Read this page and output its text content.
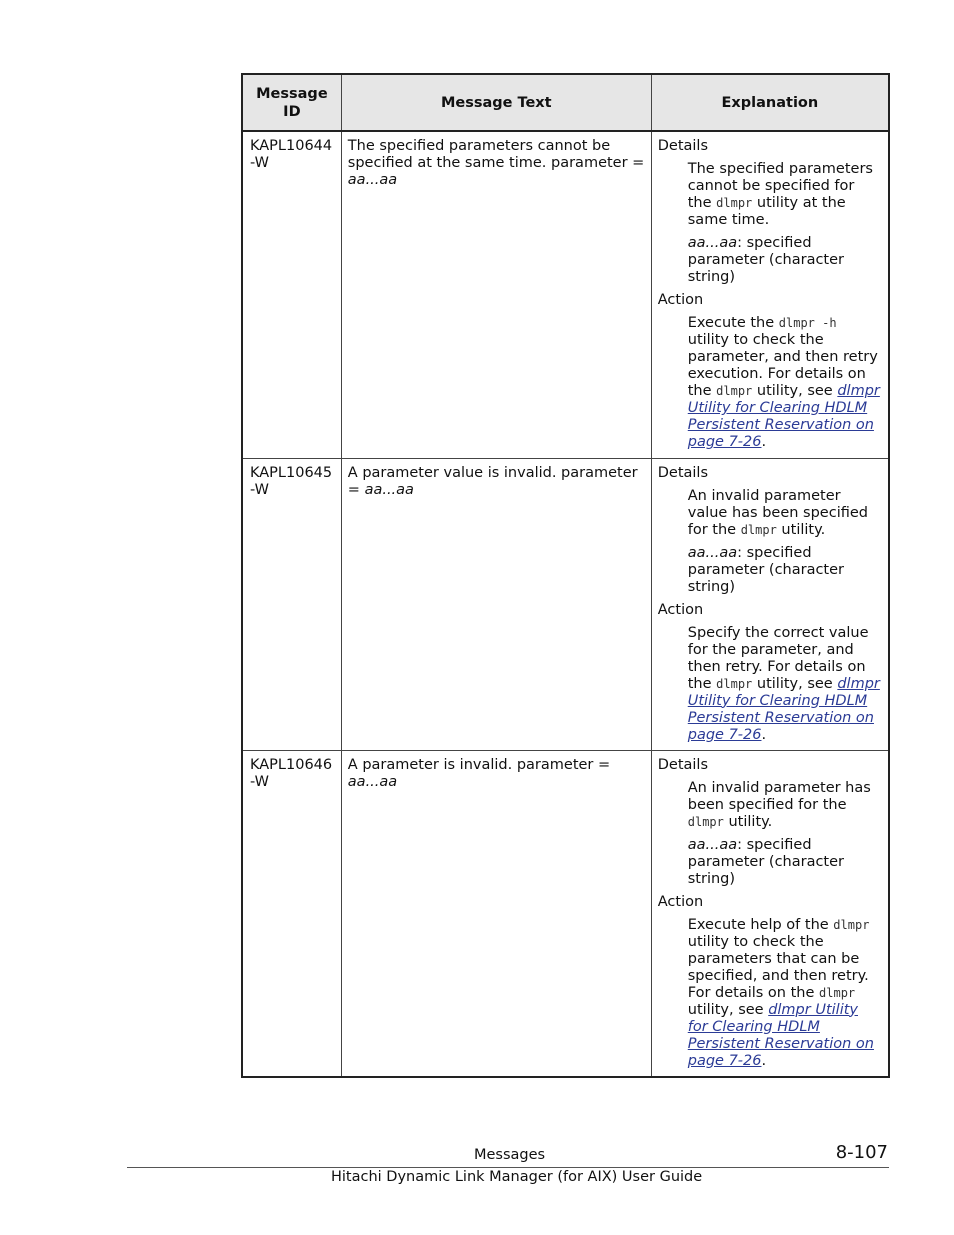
Message ID	Message Text	Explanation
KAPL10644-W	The specified parameters cannot be specified at the same time. parameter = aa...aa	Details
The specified parameters cannot be specified for the dlmpr utility at the same time.
aa...aa: specified parameter (character string)
Action
Execute the dlmpr -h utility to check the parameter, and then retry execution. For details on the dlmpr utility, see dlmpr Utility for Clearing HDLM Persistent Reservation on page 7-26.

KAPL10645-W	A parameter value is invalid. parameter = aa...aa	Details
An invalid parameter value has been specified for the dlmpr utility.
aa...aa: specified parameter (character string)
Action
Specify the correct value for the parameter, and then retry. For details on the dlmpr utility, see dlmpr Utility for Clearing HDLM Persistent Reservation on page 7-26.

KAPL10646-W	A parameter is invalid. parameter = aa...aa	Details
An invalid parameter has been specified for the dlmpr utility.
aa...aa: specified parameter (character string)
Action
Execute help of the dlmpr utility to check the parameters that can be specified, and then retry. For details on the dlmpr utility, see dlmpr Utility for Clearing HDLM Persistent Reservation on page 7-26.
Messages	8-107
Hitachi Dynamic Link Manager (for AIX) User Guide
